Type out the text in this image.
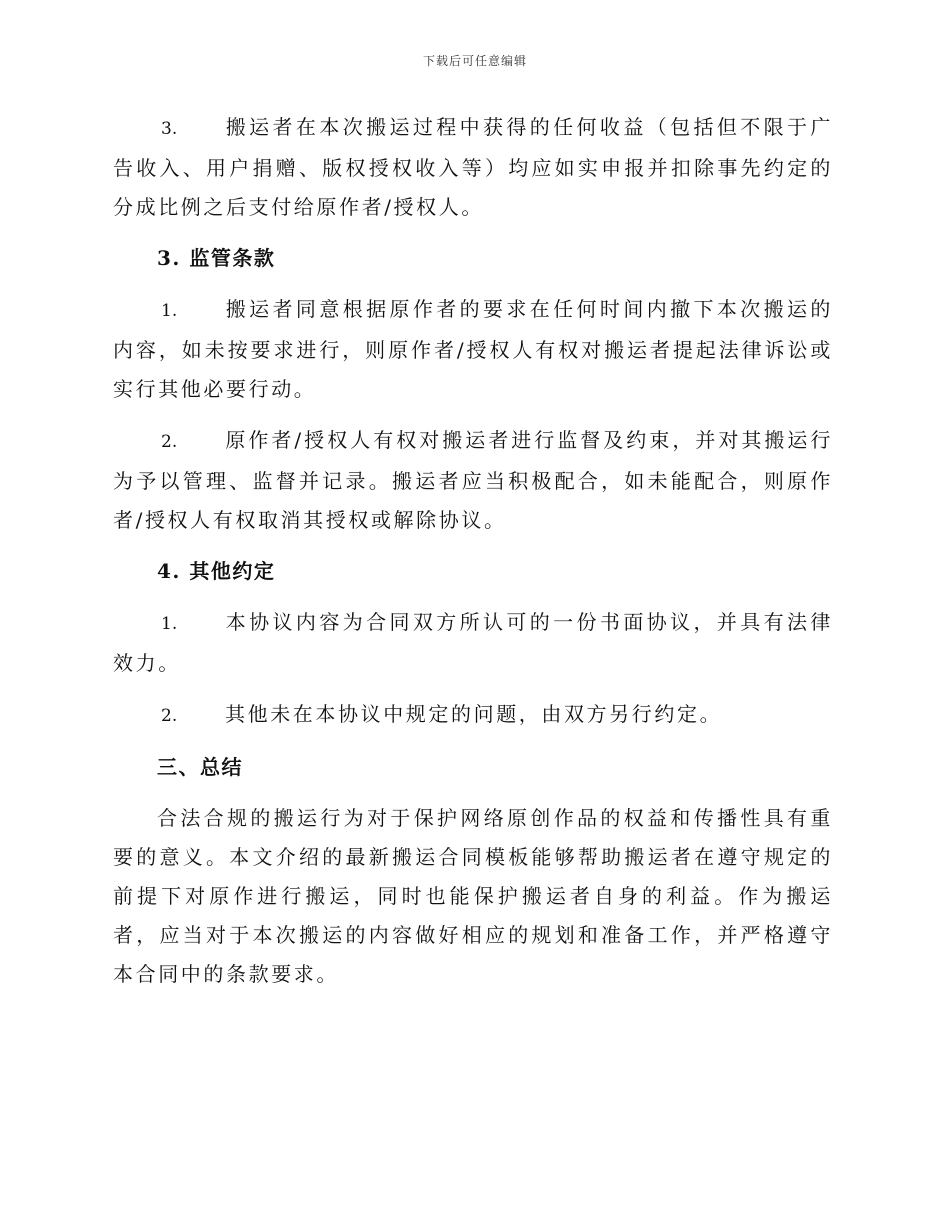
下载后可任意编辑

3. 搬运者在本次搬运过程中获得的任何收益（包括但不限于广告收入、用户捐赠、版权授权收入等）均应如实申报并扣除事先约定的分成比例之后支付给原作者/授权人。

3. 监管条款

1. 搬运者同意根据原作者的要求在任何时间内撤下本次搬运的内容，如未按要求进行，则原作者/授权人有权对搬运者提起法律诉讼或实行其他必要行动。

2. 原作者/授权人有权对搬运者进行监督及约束，并对其搬运行为予以管理、监督并记录。搬运者应当积极配合，如未能配合，则原作者/授权人有权取消其授权或解除协议。

4. 其他约定

1. 本协议内容为合同双方所认可的一份书面协议，并具有法律效力。

2. 其他未在本协议中规定的问题，由双方另行约定。

三、总结

合法合规的搬运行为对于保护网络原创作品的权益和传播性具有重要的意义。本文介绍的最新搬运合同模板能够帮助搬运者在遵守规定的前提下对原作进行搬运，同时也能保护搬运者自身的利益。作为搬运者，应当对于本次搬运的内容做好相应的规划和准备工作，并严格遵守本合同中的条款要求。
